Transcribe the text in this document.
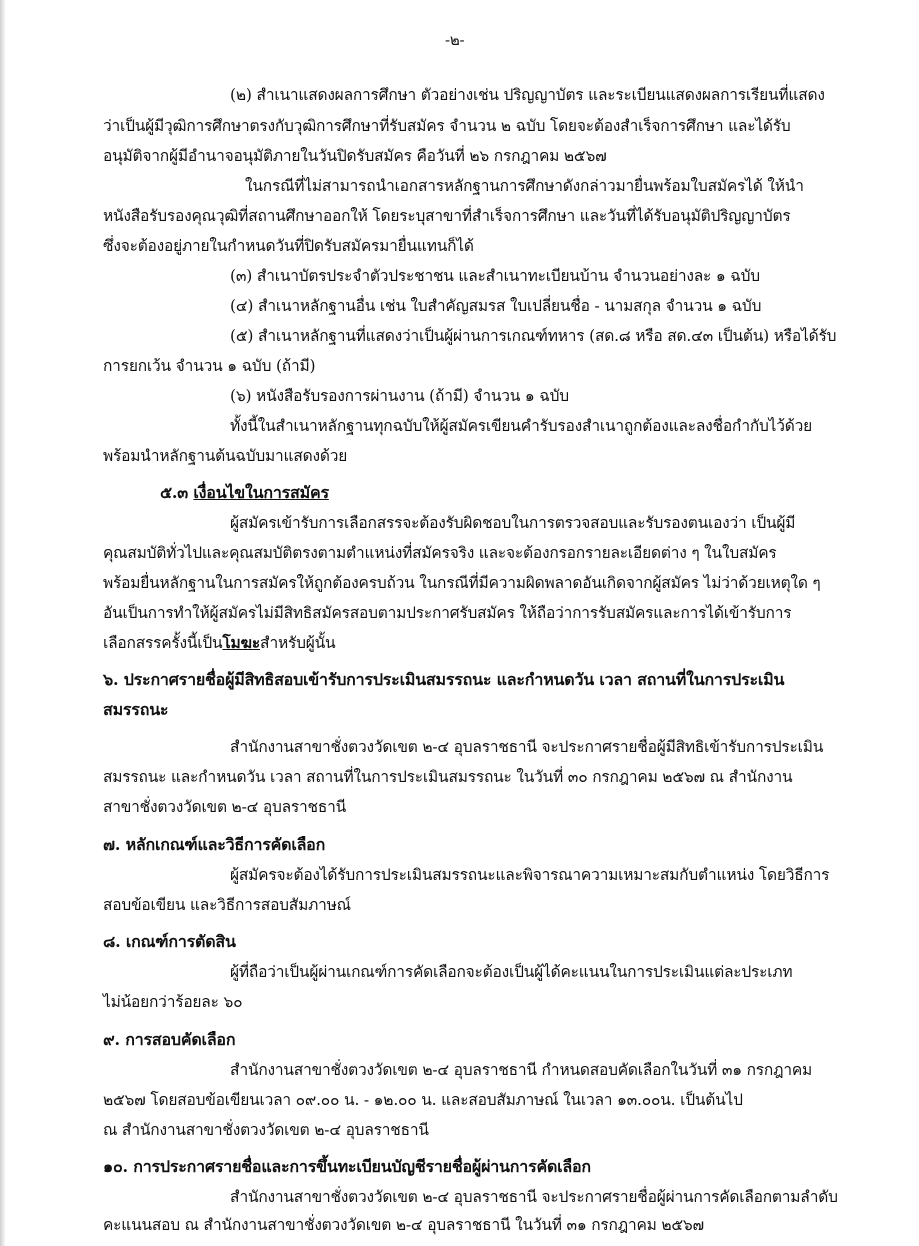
-๒-
(๒) สำเนาแสดงผลการศึกษา ตัวอย่างเช่น ปริญญาบัตร และระเบียนแสดงผลการเรียนที่แสดง
ว่าเป็นผู้มีวุฒิการศึกษาตรงกับวุฒิการศึกษาที่รับสมัคร จำนวน ๒ ฉบับ โดยจะต้องสำเร็จการศึกษา และได้รับ
อนุมัติจากผู้มีอำนาจอนุมัติภายในวันปิดรับสมัคร คือวันที่ ๒๖ กรกฎาคม ๒๕๖๗
ในกรณีที่ไม่สามารถนำเอกสารหลักฐานการศึกษาดังกล่าวมายื่นพร้อมใบสมัครได้ ให้นำ
หนังสือรับรองคุณวุฒิที่สถานศึกษาออกให้ โดยระบุสาขาที่สำเร็จการศึกษา และวันที่ได้รับอนุมัติปริญญาบัตร
ซึ่งจะต้องอยู่ภายในกำหนดวันที่ปิดรับสมัครมายื่นแทนก็ได้
(๓) สำเนาบัตรประจำตัวประชาชน และสำเนาทะเบียนบ้าน จำนวนอย่างละ ๑ ฉบับ
(๔) สำเนาหลักฐานอื่น เช่น ใบสำคัญสมรส ใบเปลี่ยนชื่อ - นามสกุล จำนวน ๑ ฉบับ
(๕) สำเนาหลักฐานที่แสดงว่าเป็นผู้ผ่านการเกณฑ์ทหาร (สด.๘ หรือ สด.๔๓ เป็นต้น) หรือได้รับ
การยกเว้น จำนวน ๑ ฉบับ (ถ้ามี)
(๖) หนังสือรับรองการผ่านงาน (ถ้ามี) จำนวน ๑ ฉบับ
ทั้งนี้ในสำเนาหลักฐานทุกฉบับให้ผู้สมัครเขียนคำรับรองสำเนาถูกต้องและลงชื่อกำกับไว้ด้วย
พร้อมนำหลักฐานต้นฉบับมาแสดงด้วย
๕.๓ เงื่อนไขในการสมัคร
ผู้สมัครเข้ารับการเลือกสรรจะต้องรับผิดชอบในการตรวจสอบและรับรองตนเองว่า เป็นผู้มี
คุณสมบัติทั่วไปและคุณสมบัติตรงตามตำแหน่งที่สมัครจริง และจะต้องกรอกรายละเอียดต่าง ๆ ในใบสมัคร
พร้อมยื่นหลักฐานในการสมัครให้ถูกต้องครบถ้วน ในกรณีที่มีความผิดพลาดอันเกิดจากผู้สมัคร ไม่ว่าด้วยเหตุใด ๆ
อันเป็นการทำให้ผู้สมัครไม่มีสิทธิสมัครสอบตามประกาศรับสมัคร ให้ถือว่าการรับสมัครและการได้เข้ารับการ
เลือกสรรครั้งนี้เป็นโมฆะสำหรับผู้นั้น
๖. ประกาศรายชื่อผู้มีสิทธิสอบเข้ารับการประเมินสมรรถนะ และกำหนดวัน เวลา สถานที่ในการประเมิน
สมรรถนะ
สำนักงานสาขาชั่งตวงวัดเขต ๒-๔ อุบลราชธานี จะประกาศรายชื่อผู้มีสิทธิเข้ารับการประเมิน
สมรรถนะ และกำหนดวัน เวลา สถานที่ในการประเมินสมรรถนะ ในวันที่ ๓๐ กรกฎาคม ๒๕๖๗ ณ สำนักงาน
สาขาชั่งตวงวัดเขต ๒-๔ อุบลราชธานี
๗. หลักเกณฑ์และวิธีการคัดเลือก
ผู้สมัครจะต้องได้รับการประเมินสมรรถนะและพิจารณาความเหมาะสมกับตำแหน่ง โดยวิธีการ
สอบข้อเขียน และวิธีการสอบสัมภาษณ์
๘. เกณฑ์การตัดสิน
ผู้ที่ถือว่าเป็นผู้ผ่านเกณฑ์การคัดเลือกจะต้องเป็นผู้ได้คะแนนในการประเมินแต่ละประเภท
ไม่น้อยกว่าร้อยละ ๖๐
๙. การสอบคัดเลือก
สำนักงานสาขาชั่งตวงวัดเขต ๒-๔ อุบลราชธานี กำหนดสอบคัดเลือกในวันที่ ๓๑ กรกฎาคม
๒๕๖๗ โดยสอบข้อเขียนเวลา ๐๙.๐๐ น. - ๑๒.๐๐ น. และสอบสัมภาษณ์ ในเวลา ๑๓.๐๐น. เป็นต้นไป
ณ สำนักงานสาขาชั่งตวงวัดเขต ๒-๔ อุบลราชธานี
๑๐. การประกาศรายชื่อและการขึ้นทะเบียนบัญชีรายชื่อผู้ผ่านการคัดเลือก
สำนักงานสาขาชั่งตวงวัดเขต ๒-๔ อุบลราชธานี จะประกาศรายชื่อผู้ผ่านการคัดเลือกตามลำดับ
คะแนนสอบ ณ สำนักงานสาขาชั่งตวงวัดเขต ๒-๔ อุบลราชธานี ในวันที่ ๓๑ กรกฎาคม ๒๕๖๗
